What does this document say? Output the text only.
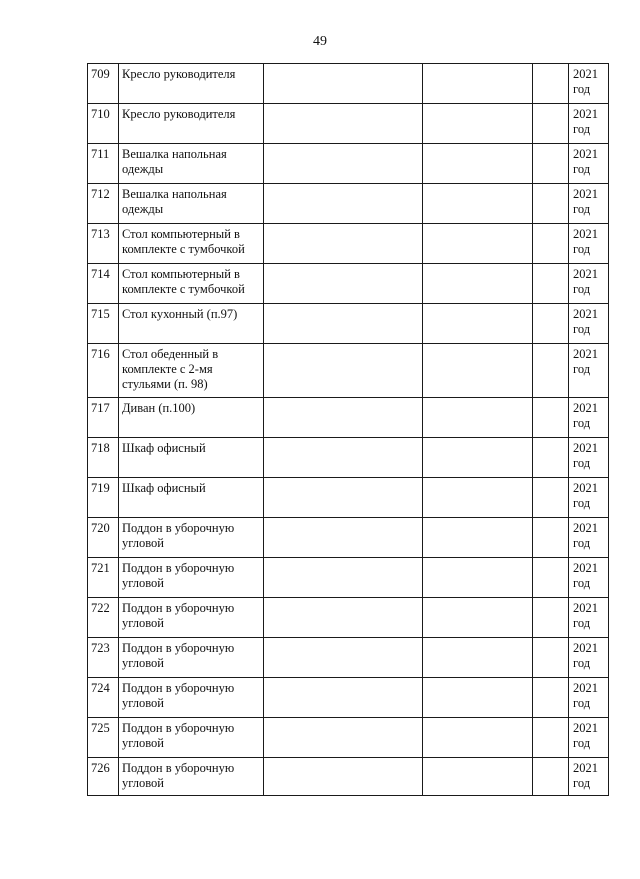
49
709	Кресло руководителя				2021
год
710	Кресло руководителя				2021
год
711	Вешалка напольная
одежды				2021
год
712	Вешалка напольная
одежды				2021
год
713	Стол компьютерный в
комплекте с тумбочкой				2021
год
714	Стол компьютерный в
комплекте с тумбочкой				2021
год
715	Стол кухонный (п.97)				2021
год
716	Стол обеденный в
комплекте с 2-мя
стульями (п. 98)				2021
год
717	Диван (п.100)				2021
год
718	Шкаф офисный				2021
год
719	Шкаф офисный				2021
год
720	Поддон в уборочную
угловой				2021
год
721	Поддон в уборочную
угловой				2021
год
722	Поддон в уборочную
угловой				2021
год
723	Поддон в уборочную
угловой				2021
год
724	Поддон в уборочную
угловой				2021
год
725	Поддон в уборочную
угловой				2021
год
726	Поддон в уборочную
угловой				2021
год
